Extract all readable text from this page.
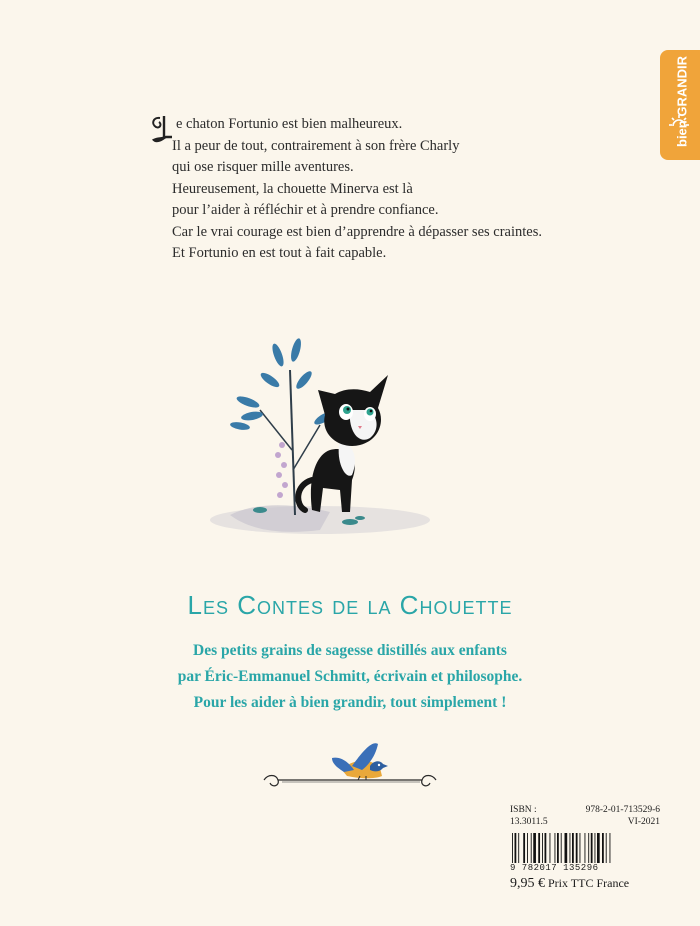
bien GRANDIR
e chaton Fortunio est bien malheureux.
Il a peur de tout, contrairement à son frère Charly
qui ose risquer mille aventures.
Heureusement, la chouette Minerva est là
pour l’aider à réfléchir et à prendre confiance.
Car le vrai courage est bien d’apprendre à dépasser ses craintes.
Et Fortunio en est tout à fait capable.
Les Contes de la Chouette
Des petits grains de sagesse distillés aux enfants
par Éric-Emmanuel Schmitt, écrivain et philosophe.
Pour les aider à bien grandir, tout simplement !
ISBN :	978-2-01-713529-6
13.3011.5	VI-2021
9 782017 135296
9,95 € Prix TTC France
